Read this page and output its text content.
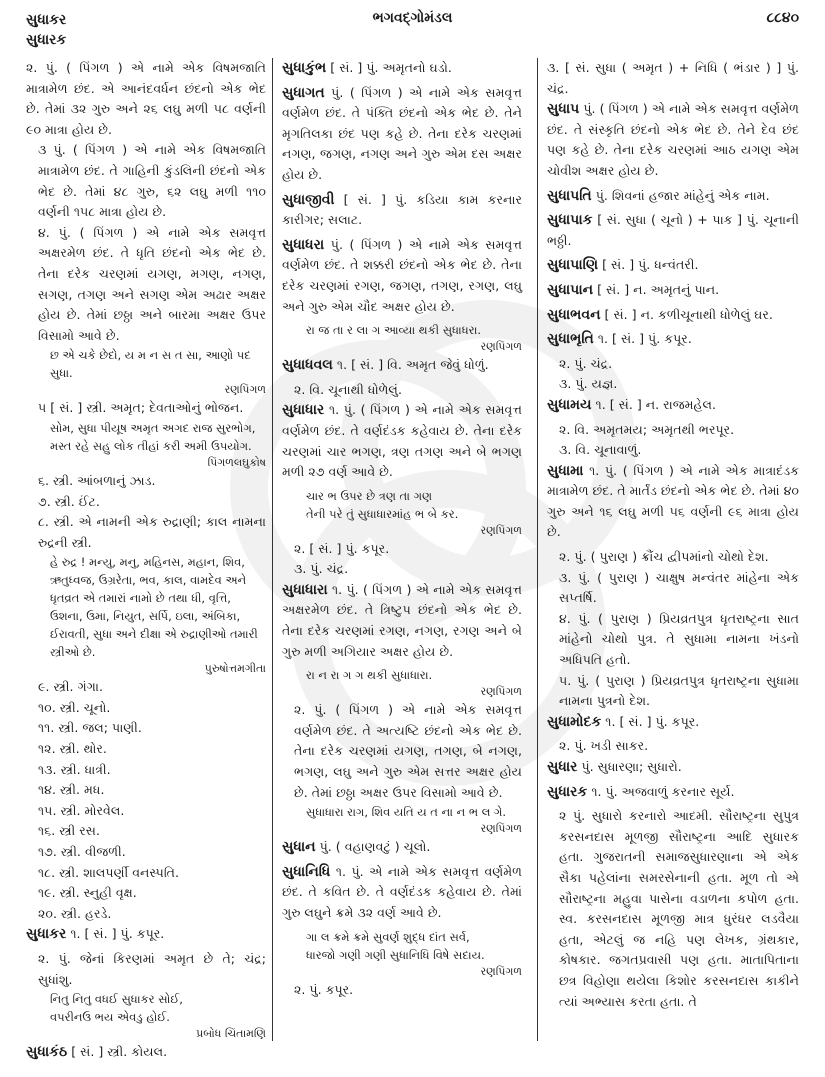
સુધાકર
સુધારક
ભગવદ્ગોમંડલ	૮૮૪૦
૨. પું. ( પિંગળ ) એ નામે એક વિષમજાતિ માત્રામેળ છંદ. એ આનંદવર્ધન છંદનો એક ભેદ છે. તેમાં ૩૨ ગુરુ અને ૨૬ લઘુ મળી ૫૮ વર્ણની ૯૦ માત્રા હોય છે.
૩ પું. ( પિંગળ ) એ નામે એક વિષમજાતિ માત્રામેળ છંદ. તે ગાહિની કુંડલિની છંદનો એક ભેદ છે. તેમાં ૪૮ ગુરુ, ૬૨ લઘુ મળી ૧૧૦ વર્ણની ૧૫૮ માત્રા હોય છે.
૪. પું. ( પિંગળ ) એ નામે એક સમવૃત્ત અક્ષરમેળ છંદ. તે ધૃતિ છંદનો એક ભેદ છે. તેના દરેક ચરણમાં યગણ, મગણ, નગણ, સગણ, તગણ અને સગણ એમ અઢાર અક્ષર હોય છે. તેમાં છઠ્ઠા અને બારમા અક્ષર ઉપર વિસામો આવે છે.
છ એ ચકે છેદો, ય મ ન સ ત સા, આણો પદ સુધા.
રણપિંગળ
૫ [ સં. ] સ્ત્રી. અમૃત; દેવતાઓનું ભોજન.
સોમ, સુધા પીયૂષ અમૃત અગદ રાજ સુરભોગ,
મસ્ત રહે સહુ લોક તીહાં કરી અમી ઉપયોગ.
પિંગળલઘુકોષ
૬. સ્ત્રી. આંબળાનું ઝાડ.
૭. સ્ત્રી. ઈંટ.
૮. સ્ત્રી. એ નામની એક રુદ્રાણી; કાલ નામના રુદ્રની સ્ત્રી.
હે રુદ્ર ! મન્યુ, મનુ, મહિનસ, મહાન, શિવ, ઋતુધ્વજ, ઉગ્રરેતા, ભવ, કાલ, વામદેવ અને ધૃતવ્રત એ તમારાં નામો છે તથા ધી, વૃત્તિ, ઉશના, ઉમા, નિયુત, સર્પિ, ઇલા, અંબિકા, ઈરાવતી, સુધા અને દીક્ષા એ રુદ્રાણીઓ તમારી સ્ત્રીઓ છે.
પુરુષોત્તમગીતા
૯. સ્ત્રી. ગંગા.
૧૦. સ્ત્રી. ચૂનો.
૧૧. સ્ત્રી. જલ; પાણી.
૧૨. સ્ત્રી. થોર.
૧૩. સ્ત્રી. ધાત્રી.
૧૪. સ્ત્રી. મધ.
૧૫. સ્ત્રી. મોરવેલ.
૧૬. સ્ત્રી રસ.
૧૭. સ્ત્રી. વીજળી.
૧૮. સ્ત્રી. શાલપર્ણી વનસ્પતિ.
૧૯. સ્ત્રી. સ્નુહી વૃક્ષ.
૨૦. સ્ત્રી. હરડે.
સુધાકર ૧. [ સં. ] પું. કપૂર.
૨. પું. જેનાં કિરણમાં અમૃત છે તે; ચંદ્ર; સુધાંશુ.
નિતુ નિતુ વધઈ સુધાકર સોઈ,
વપરીનઉ ભય એવડુ હોઈ.
પ્રબોધ ચિંતામણિ
સુધાકંઠ [ સં. ] સ્ત્રી. કોયલ.
સુધાકુંભ [ સં. ] પું. અમૃતનો ઘડો.
સુધાગત પું. ( પિંગળ ) એ નામે એક સમવૃત્ત વર્ણમેળ છંદ. તે પંક્તિ છંદનો એક ભેદ છે. તેને મૃગતિલકા છંદ પણ કહે છે. તેના દરેક ચરણમાં નગણ, જગણ, નગણ અને ગુરુ એમ દસ અક્ષર હોય છે.
સુધાજીવી [ સં. ] પું. કડિયા કામ કરનાર કારીગર; સલાટ.
સુધાધરા પું. ( પિંગળ ) એ નામે એક સમવૃત્ત વર્ણમેળ છંદ. તે શક્કરી છંદનો એક ભેદ છે. તેના દરેક ચરણમાં રગણ, જગણ, તગણ, રગણ, લઘુ અને ગુરુ એમ ચૌદ અક્ષર હોય છે.
રા જ તા ર લા ગ આવ્યા થકી સુધાધરા.
રણપિંગળ
સુધાધવલ ૧. [ સં. ] વિ. અમૃત જેવું ધોળું.
૨. વિ. ચૂનાથી ધોળેલું.
સુધાધાર ૧. પું. ( પિંગળ ) એ નામે એક સમવૃત્ત વર્ણમેળ છંદ. તે વર્ણદંડક કહેવાય છે. તેના દરેક ચરણમાં ચાર ભગણ, ત્રણ તગણ અને બે ભગણ મળી ૨૭ વર્ણ આવે છે.
ચાર ભ ઉપર છે ત્રણ તા ગણ
તેની પરે તું સુધાધારમાંહ ભ બે કર.
રણપિંગળ
૨. [ સં. ] પું. કપૂર.
૩. પું. ચંદ્ર.
સુધાધારા ૧. પું. ( પિંગળ ) એ નામે એક સમવૃત્ત અક્ષરમેળ છંદ. તે ત્રિષ્ટુપ છંદનો એક ભેદ છે. તેના દરેક ચરણમાં રગણ, નગણ, રગણ અને બે ગુરુ મળી અગિયાર અક્ષર હોય છે.
રા ન રા ગ ગ થકી સુધાધારા.
રણપિંગળ
૨. પું. ( પિંગળ ) એ નામે એક સમવૃત્ત વર્ણમેળ છંદ. તે અત્યષ્ટિ છંદનો એક ભેદ છે. તેના દરેક ચરણમાં યગણ, તગણ, બે નગણ, ભગણ, લઘુ અને ગુરુ એમ સત્તર અક્ષર હોય છે. તેમાં છઠ્ઠા અક્ષર ઉપર વિસામો આવે છે.
સુધાધારા રાગ, શિવ યતિ ય ત ના ન ભ લ ગે.
રણપિંગળ
સુધાન પું. ( વહાણવટું ) ચૂલો.
સુધાનિધિ ૧. પું. એ નામે એક સમવૃત્ત વર્ણમેળ છંદ. તે કવિત છે. તે વર્ણદંડક કહેવાય છે. તેમાં ગુરુ લઘુને ક્રમે ૩૨ વર્ણ આવે છે.
ગા લ ક્રમે ક્રમે સુવર્ણ શુદ્ધ દાંત સર્વ,
ધારજો ગણી ગણી સુધાનિધિ વિષે સદાય.
રણપિંગળ
૨. પું. કપૂર.
૩. [ સં. સુધા ( અમૃત ) + નિધિ ( ભંડાર ) ] પું. ચંદ્ર.
સુધાપ પું. ( પિંગળ ) એ નામે એક સમવૃત્ત વર્ણમેળ છંદ. તે સંસ્કૃતિ છંદનો એક ભેદ છે. તેને દેવ છંદ પણ કહે છે. તેના દરેક ચરણમાં આઠ યગણ એમ ચોવીશ અક્ષર હોય છે.
સુધાપતિ પું. શિવનાં હજાર માંહેનું એક નામ.
સુધાપાક [ સં. સુધા ( ચૂનો ) + પાક ] પું. ચૂનાની ભઠ્ઠી.
સુધાપાણિ [ સં. ] પું. ધન્વંતરી.
સુધાપાન [ સં. ] ન. અમૃતનું પાન.
સુધાભવન [ સં. ] ન. કળીચૂનાથી ધોળેલું ઘર.
સુધાભૃતિ ૧. [ સં. ] પું. કપૂર.
૨. પું. ચંદ્ર.
૩. પું. યજ્ઞ.
સુધામય ૧. [ સં. ] ન. રાજમહેલ.
૨. વિ. અમૃતમય; અમૃતથી ભરપૂર.
૩. વિ. ચૂનાવાળું.
સુધામા ૧. પું. ( પિંગળ ) એ નામે એક માત્રાદંડક માત્રામેળ છંદ. તે માર્તંડ છંદનો એક ભેદ છે. તેમાં ૪૦ ગુરુ અને ૧૬ લઘુ મળી ૫૬ વર્ણની ૯૬ માત્રા હોય છે.
૨. પું. ( પુરાણ ) ક્રૌંચ દ્વીપમાંનો ચોથો દેશ.
૩. પું. ( પુરાણ ) ચાક્ષુષ મન્વંતર માંહેના એક સપ્તર્ષિ.
૪. પું. ( પુરાણ ) પ્રિયવ્રતપુત્ર ધૃતરાષ્ટ્રના સાત માંહેનો ચોથો પુત્ર. તે સુધામા નામના ખંડનો અધિપતિ હતો.
૫. પું. ( પુરાણ ) પ્રિયવ્રતપુત્ર ધૃતરાષ્ટ્રના સુધામા નામના પુત્રનો દેશ.
સુધામોદક ૧. [ સં. ] પું. કપૂર.
૨. પું. ખડી સાકર.
સુધાર પું. સુધારણા; સુધારો.
સુધારક ૧. પું. અજવાળું કરનાર સૂર્ય.
૨ પું. સુધારો કરનારો આદમી. સૌરાષ્ટ્રના સુપુત્ર કરસનદાસ મૂળજી સૌરાષ્ટ્રના આદિ સુધારક હતા. ગુજરાતની સમાજસુધારણાના એ એક સૈકા પહેલાંના સમરસેનાની હતા. મૂળ તો એ સૌરાષ્ટ્રના મહુવા પાસેના વડાળના કપોળ હતા. સ્વ. કરસનદાસ મૂળજી માત્ર ધુરંધર લડવૈયા હતા, એટલું જ નહિ પણ લેખક, ગ્રંથકાર, કોષકાર. જગતપ્રવાસી પણ હતા. માતાપિતાના છત્ર વિહોણા થયેલા કિશોર કરસનદાસ કાકીને ત્યાં અભ્યાસ કરતા હતા. તે
